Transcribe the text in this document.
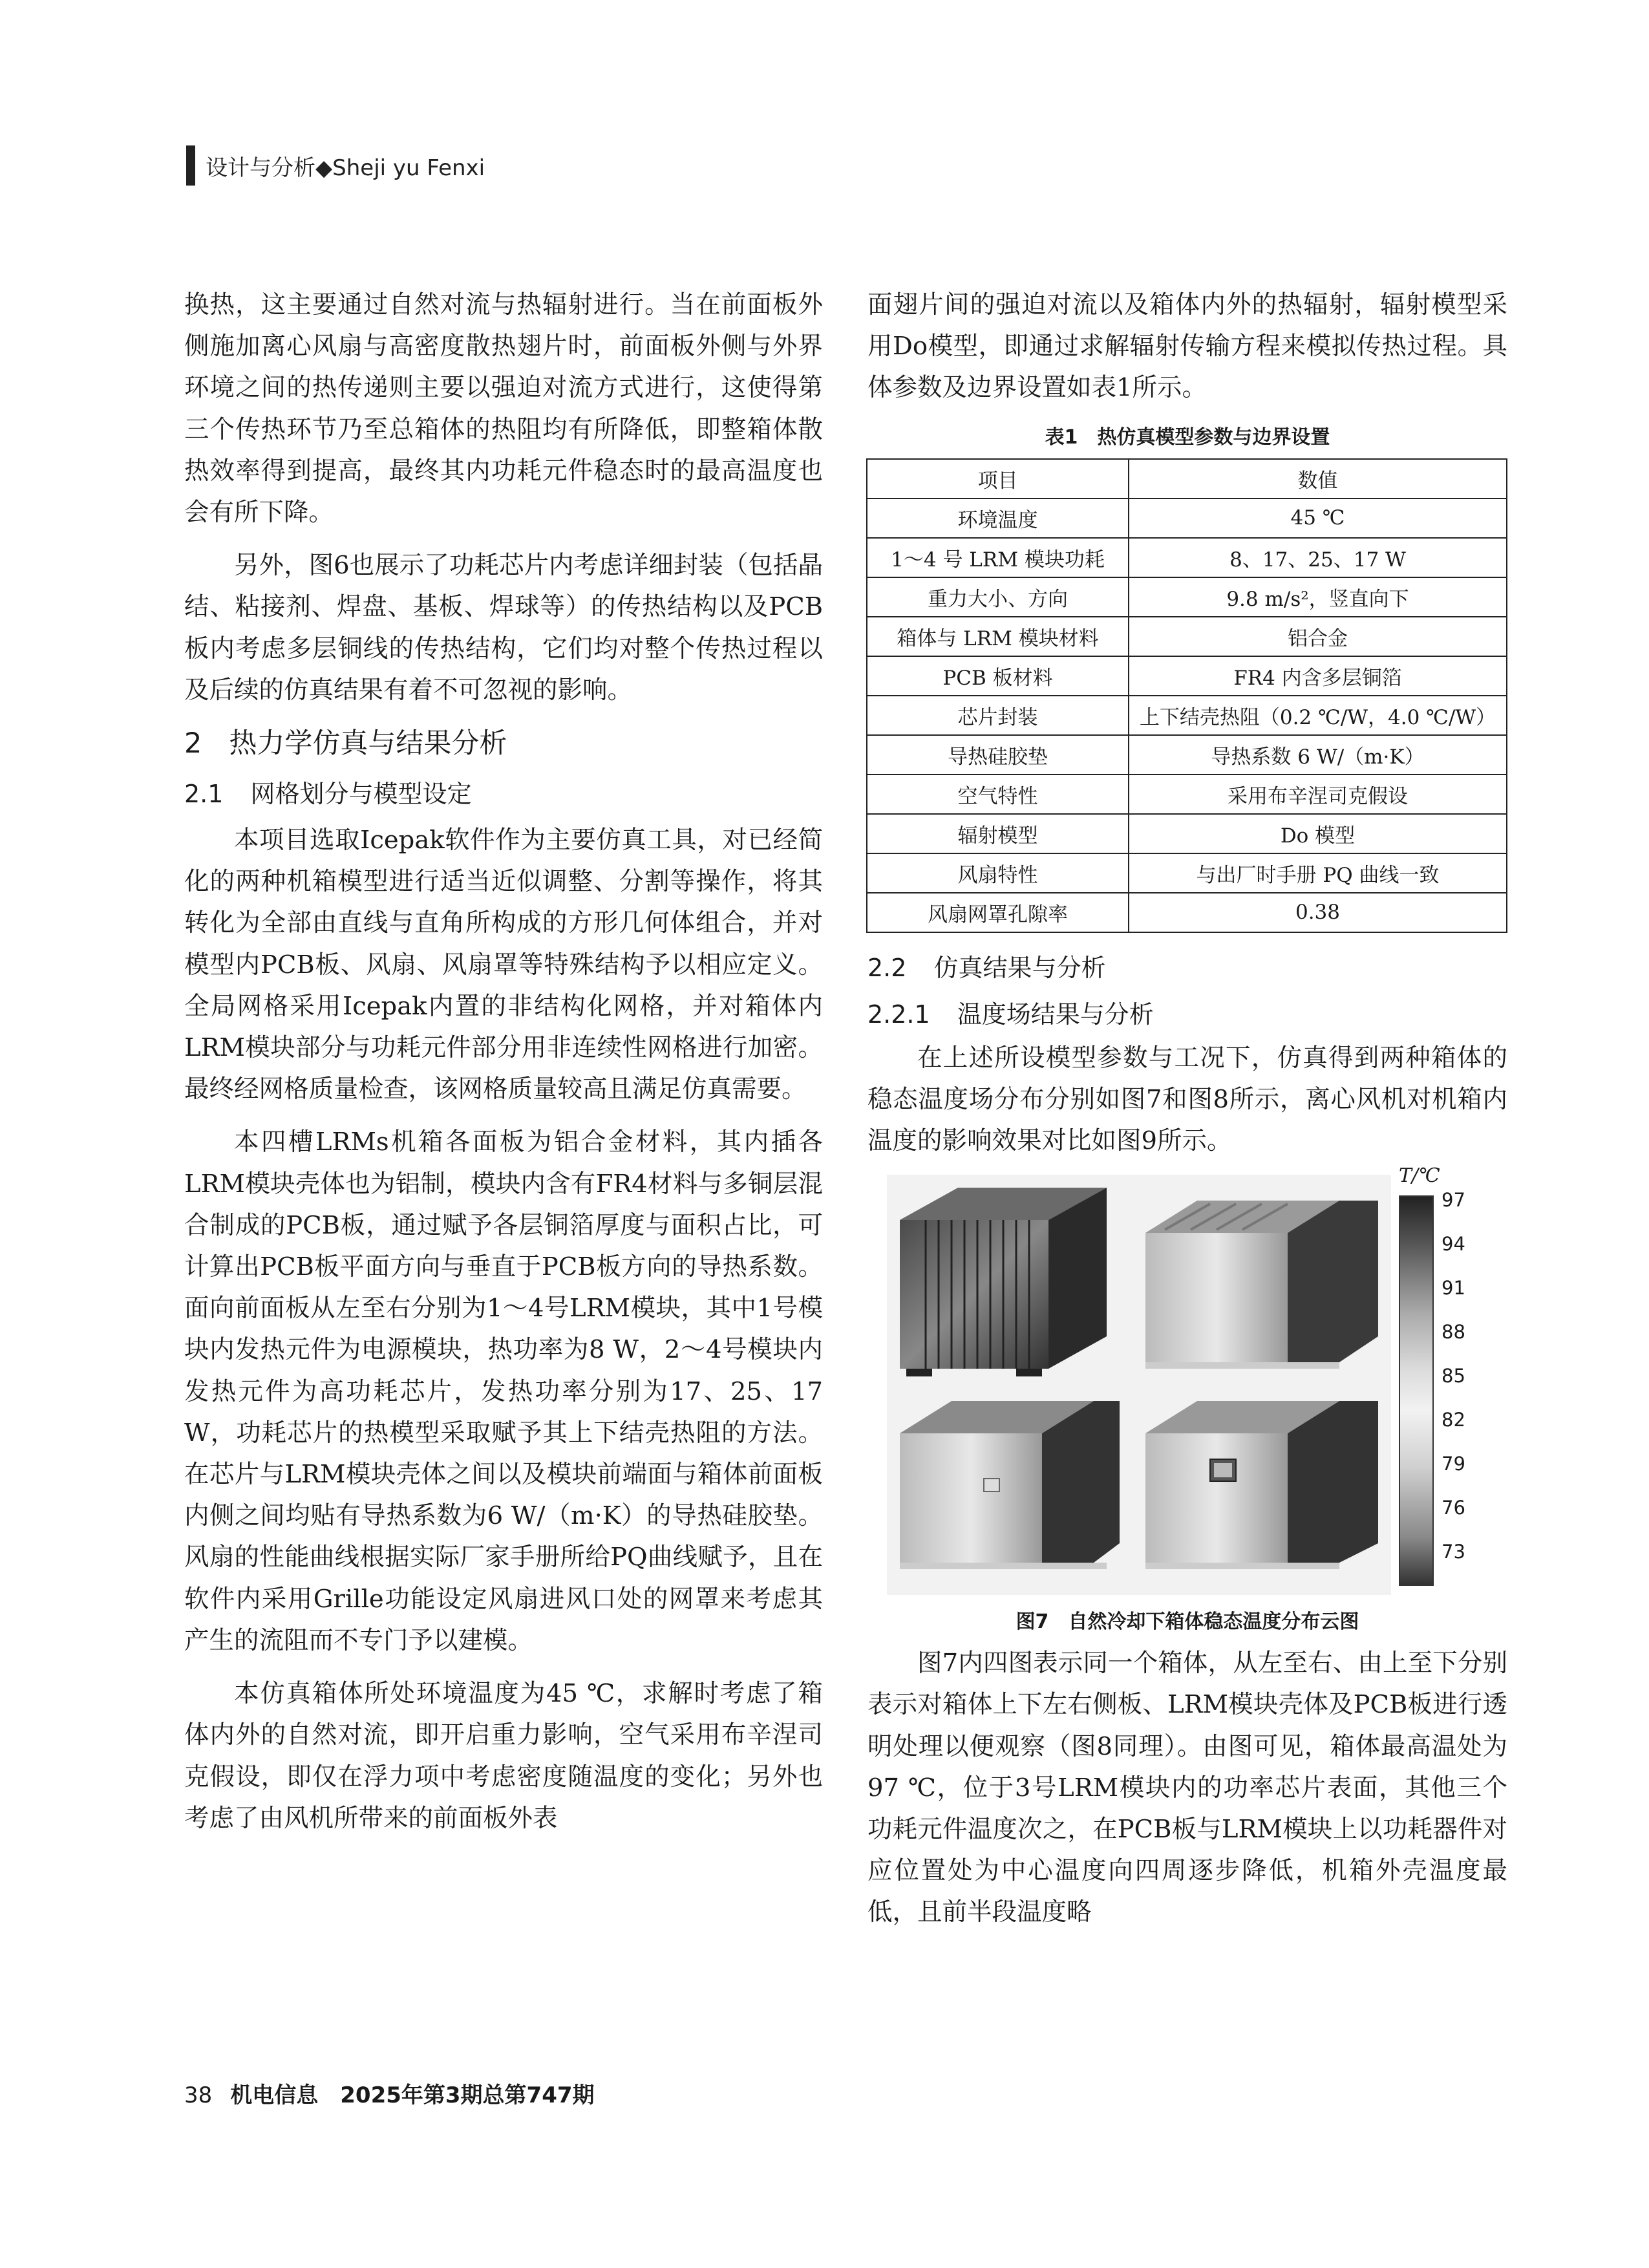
设计与分析◆Sheji yu Fenxi

换热，这主要通过自然对流与热辐射进行。当在前面板外侧施加离心风扇与高密度散热翅片时，前面板外侧与外界环境之间的热传递则主要以强迫对流方式进行，这使得第三个传热环节乃至总箱体的热阻均有所降低，即整箱体散热效率得到提高，最终其内功耗元件稳态时的最高温度也会有所下降。

另外，图6也展示了功耗芯片内考虑详细封装（包括晶结、粘接剂、焊盘、基板、焊球等）的传热结构以及PCB板内考虑多层铜线的传热结构，它们均对整个传热过程以及后续的仿真结果有着不可忽视的影响。

2 热力学仿真与结果分析
2.1 网格划分与模型设定

本项目选取Icepak软件作为主要仿真工具，对已经简化的两种机箱模型进行适当近似调整、分割等操作，将其转化为全部由直线与直角所构成的方形几何体组合，并对模型内PCB板、风扇、风扇罩等特殊结构予以相应定义。全局网格采用Icepak内置的非结构化网格，并对箱体内LRM模块部分与功耗元件部分用非连续性网格进行加密。最终经网格质量检查，该网格质量较高且满足仿真需要。

本四槽LRMs机箱各面板为铝合金材料，其内插各LRM模块壳体也为铝制，模块内含有FR4材料与多铜层混合制成的PCB板，通过赋予各层铜箔厚度与面积占比，可计算出PCB板平面方向与垂直于PCB板方向的导热系数。面向前面板从左至右分别为1～4号LRM模块，其中1号模块内发热元件为电源模块，热功率为8 W，2～4号模块内发热元件为高功耗芯片，发热功率分别为17、25、17 W，功耗芯片的热模型采取赋予其上下结壳热阻的方法。在芯片与LRM模块壳体之间以及模块前端面与箱体前面板内侧之间均贴有导热系数为6 W/（m·K）的导热硅胶垫。风扇的性能曲线根据实际厂家手册所给PQ曲线赋予，且在软件内采用Grille功能设定风扇进风口处的网罩来考虑其产生的流阻而不专门予以建模。

本仿真箱体所处环境温度为45 ℃，求解时考虑了箱体内外的自然对流，即开启重力影响，空气采用布辛涅司克假设，即仅在浮力项中考虑密度随温度的变化；另外也考虑了由风机所带来的前面板外表

面翅片间的强迫对流以及箱体内外的热辐射，辐射模型采用Do模型，即通过求解辐射传输方程来模拟传热过程。具体参数及边界设置如表1所示。

表1　热仿真模型参数与边界设置
项目	数值
环境温度	45 ℃
1～4 号 LRM 模块功耗	8、17、25、17 W
重力大小、方向	9.8 m/s²，竖直向下
箱体与 LRM 模块材料	铝合金
PCB 板材料	FR4 内含多层铜箔
芯片封装	上下结壳热阻（0.2 ℃/W，4.0 ℃/W）
导热硅胶垫	导热系数 6 W/（m·K）
空气特性	采用布辛涅司克假设
辐射模型	Do 模型
风扇特性	与出厂时手册 PQ 曲线一致
风扇网罩孔隙率	0.38
2.2 仿真结果与分析
2.2.1 温度场结果与分析

在上述所设模型参数与工况下，仿真得到两种箱体的稳态温度场分布分别如图7和图8所示，离心风机对机箱内温度的影响效果对比如图9所示。

T/℃
97
94
91
88
85
82
79
76
73
图7　自然冷却下箱体稳态温度分布云图

图7内四图表示同一个箱体，从左至右、由上至下分别表示对箱体上下左右侧板、LRM模块壳体及PCB板进行透明处理以便观察（图8同理）。由图可见，箱体最高温处为97 ℃，位于3号LRM模块内的功率芯片表面，其他三个功耗元件温度次之，在PCB板与LRM模块上以功耗器件对应位置处为中心温度向四周逐步降低，机箱外壳温度最低，且前半段温度略

38 机电信息　2025年第3期总第747期
